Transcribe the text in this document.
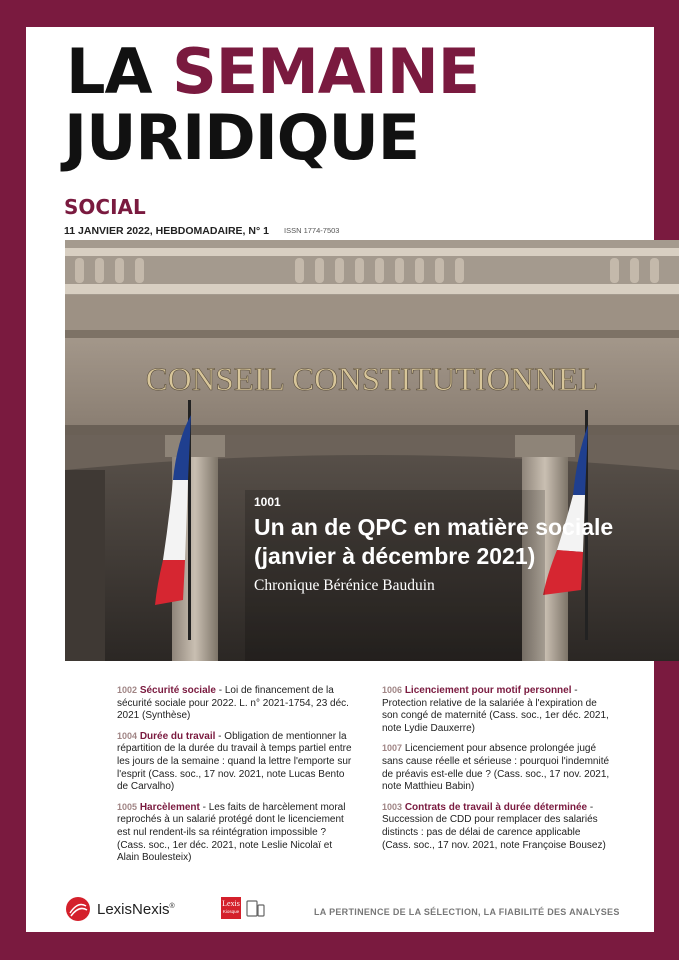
LA SEMAINE
JURIDIQUE
SOCIAL
11 JANVIER 2022, HEBDOMADAIRE, N° 1 ISSN 1774-7503
CONSEIL CONSTITUTIONNEL
1001
Un an de QPC en matière sociale (janvier à décembre 2021)
Chronique Bérénice Bauduin
1002 Sécurité sociale - Loi de financement de la sécurité sociale pour 2022. L. n° 2021-1754, 23 déc. 2021 (Synthèse)
1004 Durée du travail - Obligation de mentionner la répartition de la durée du travail à temps partiel entre les jours de la semaine : quand la lettre l'emporte sur l'esprit (Cass. soc., 17 nov. 2021, note Lucas Bento de Carvalho)
1005 Harcèlement - Les faits de harcèlement moral reprochés à un salarié protégé dont le licenciement est nul rendent-ils sa réintégration impossible ? (Cass. soc., 1er déc. 2021, note Leslie Nicolaï et Alain Boulesteix)
1006 Licenciement pour motif personnel - Protection relative de la salariée à l'expiration de son congé de maternité (Cass. soc., 1er déc. 2021, note Lydie Dauxerre)
1007 Licenciement pour absence prolongée jugé sans cause réelle et sérieuse : pourquoi l'indemnité de préavis est-elle due ? (Cass. soc., 17 nov. 2021, note Matthieu Babin)
1003 Contrats de travail à durée déterminée - Succession de CDD pour remplacer des salariés distincts : pas de délai de carence applicable (Cass. soc., 17 nov. 2021, note Françoise Bousez)
LexisNexis®	Lexis
Kiosque	LA PERTINENCE DE LA SÉLECTION, LA FIABILITÉ DES ANALYSES
